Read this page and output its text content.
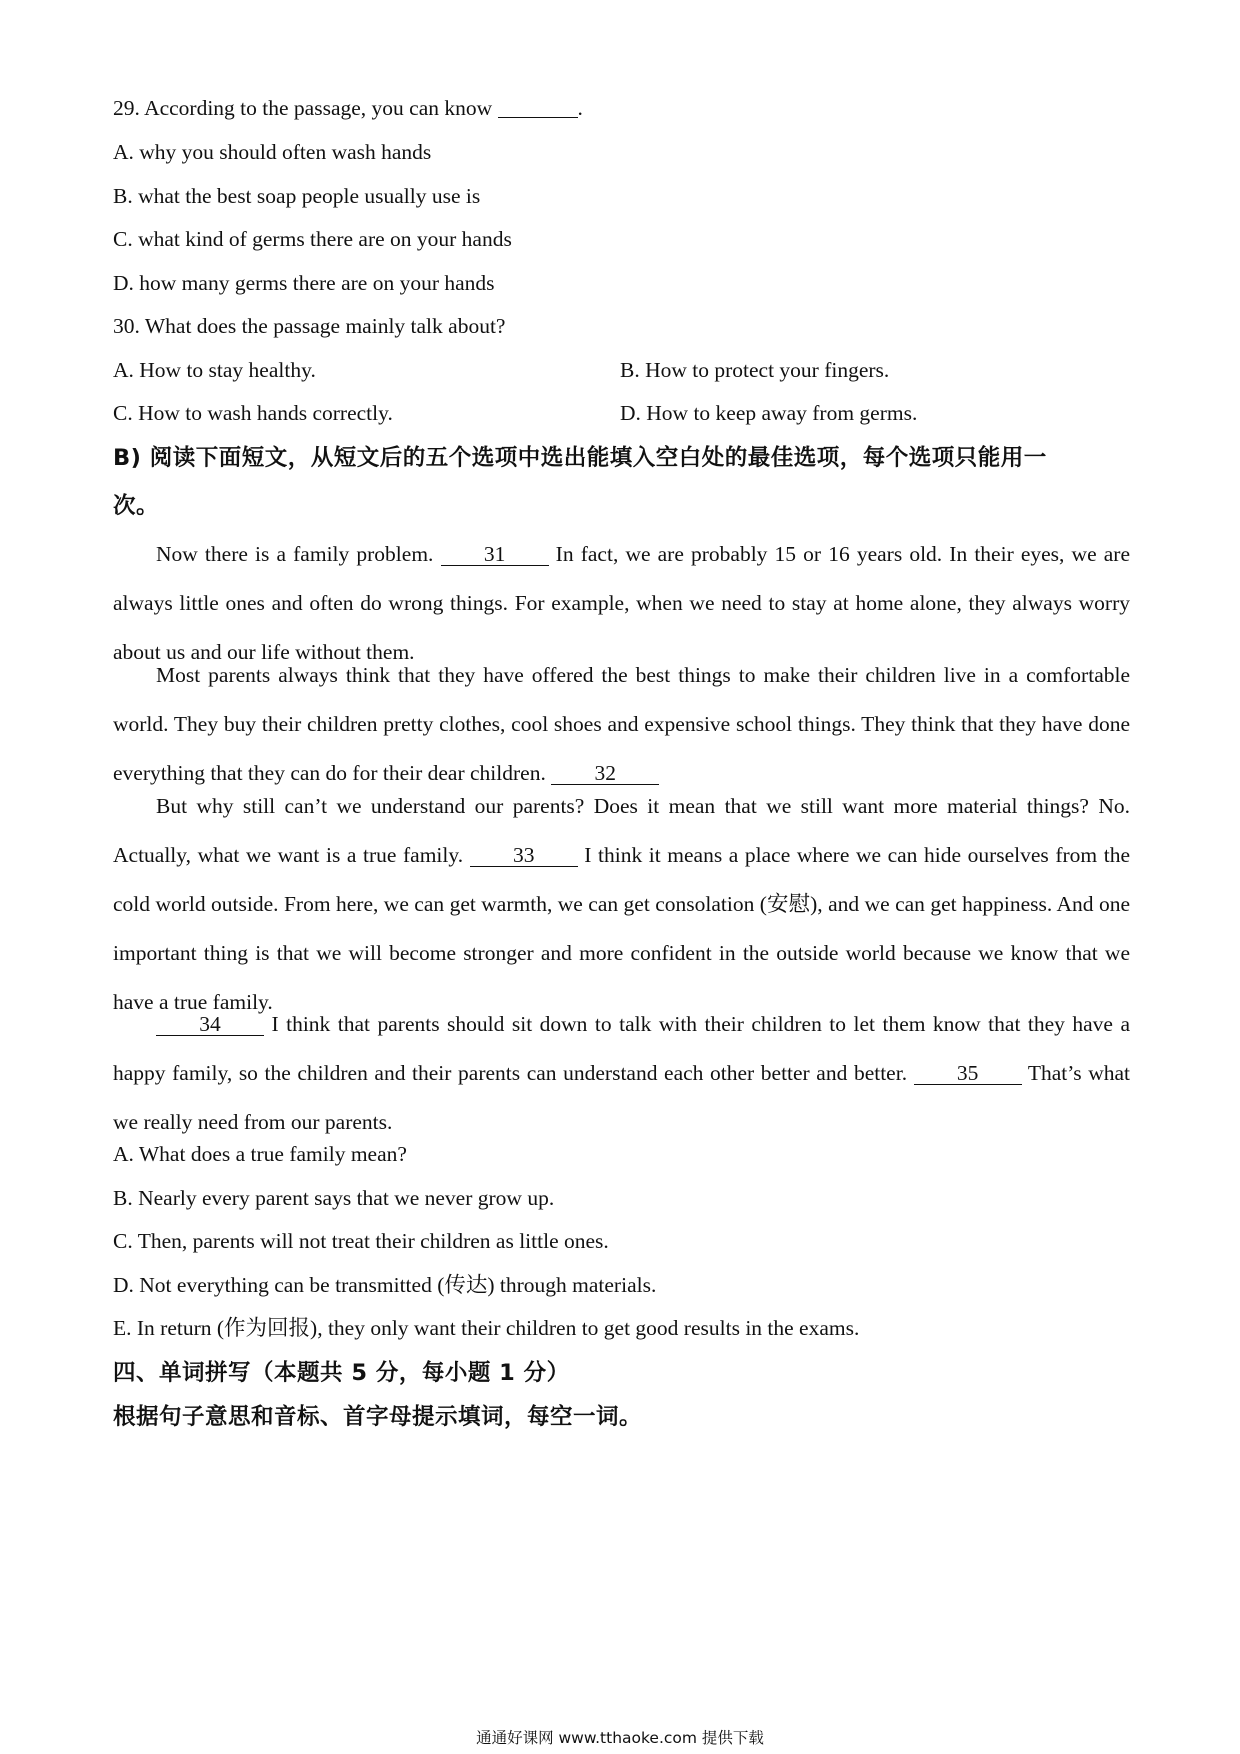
29. According to the passage, you can know	.
A. why you should often wash hands
B. what the best soap people usually use is
C. what kind of germs there are on your hands
D. how many germs there are on your hands
30. What does the passage mainly talk about?
A. How to stay healthy.	B. How to protect your fingers.
C. How to wash hands correctly.	D. How to keep away from germs.
B) 阅读下面短文，从短文后的五个选项中选出能填入空白处的最佳选项，每个选项只能用一
次。
Now there is a family problem. 31 In fact, we are probably 15 or 16 years old. In their eyes, we are always little ones and often do wrong things. For example, when we need to stay at home alone, they always worry about us and our life without them.
Most parents always think that they have offered the best things to make their children live in a comfortable world. They buy their children pretty clothes, cool shoes and expensive school things. They think that they have done everything that they can do for their dear children. 32
But why still can’t we understand our parents? Does it mean that we still want more material things? No. Actually, what we want is a true family. 33 I think it means a place where we can hide ourselves from the cold world outside. From here, we can get warmth, we can get consolation (安慰), and we can get happiness. And one important thing is that we will become stronger and more confident in the outside world because we know that we have a true family.
34 I think that parents should sit down to talk with their children to let them know that they have a happy family, so the children and their parents can understand each other better and better. 35 That’s what we really need from our parents.
A. What does a true family mean?
B. Nearly every parent says that we never grow up.
C. Then, parents will not treat their children as little ones.
D. Not everything can be transmitted (传达) through materials.
E. In return (作为回报), they only want their children to get good results in the exams.
四、单词拼写（本题共 5 分，每小题 1 分）
根据句子意思和音标、首字母提示填词，每空一词。
通通好课网 www.tthaoke.com 提供下载
